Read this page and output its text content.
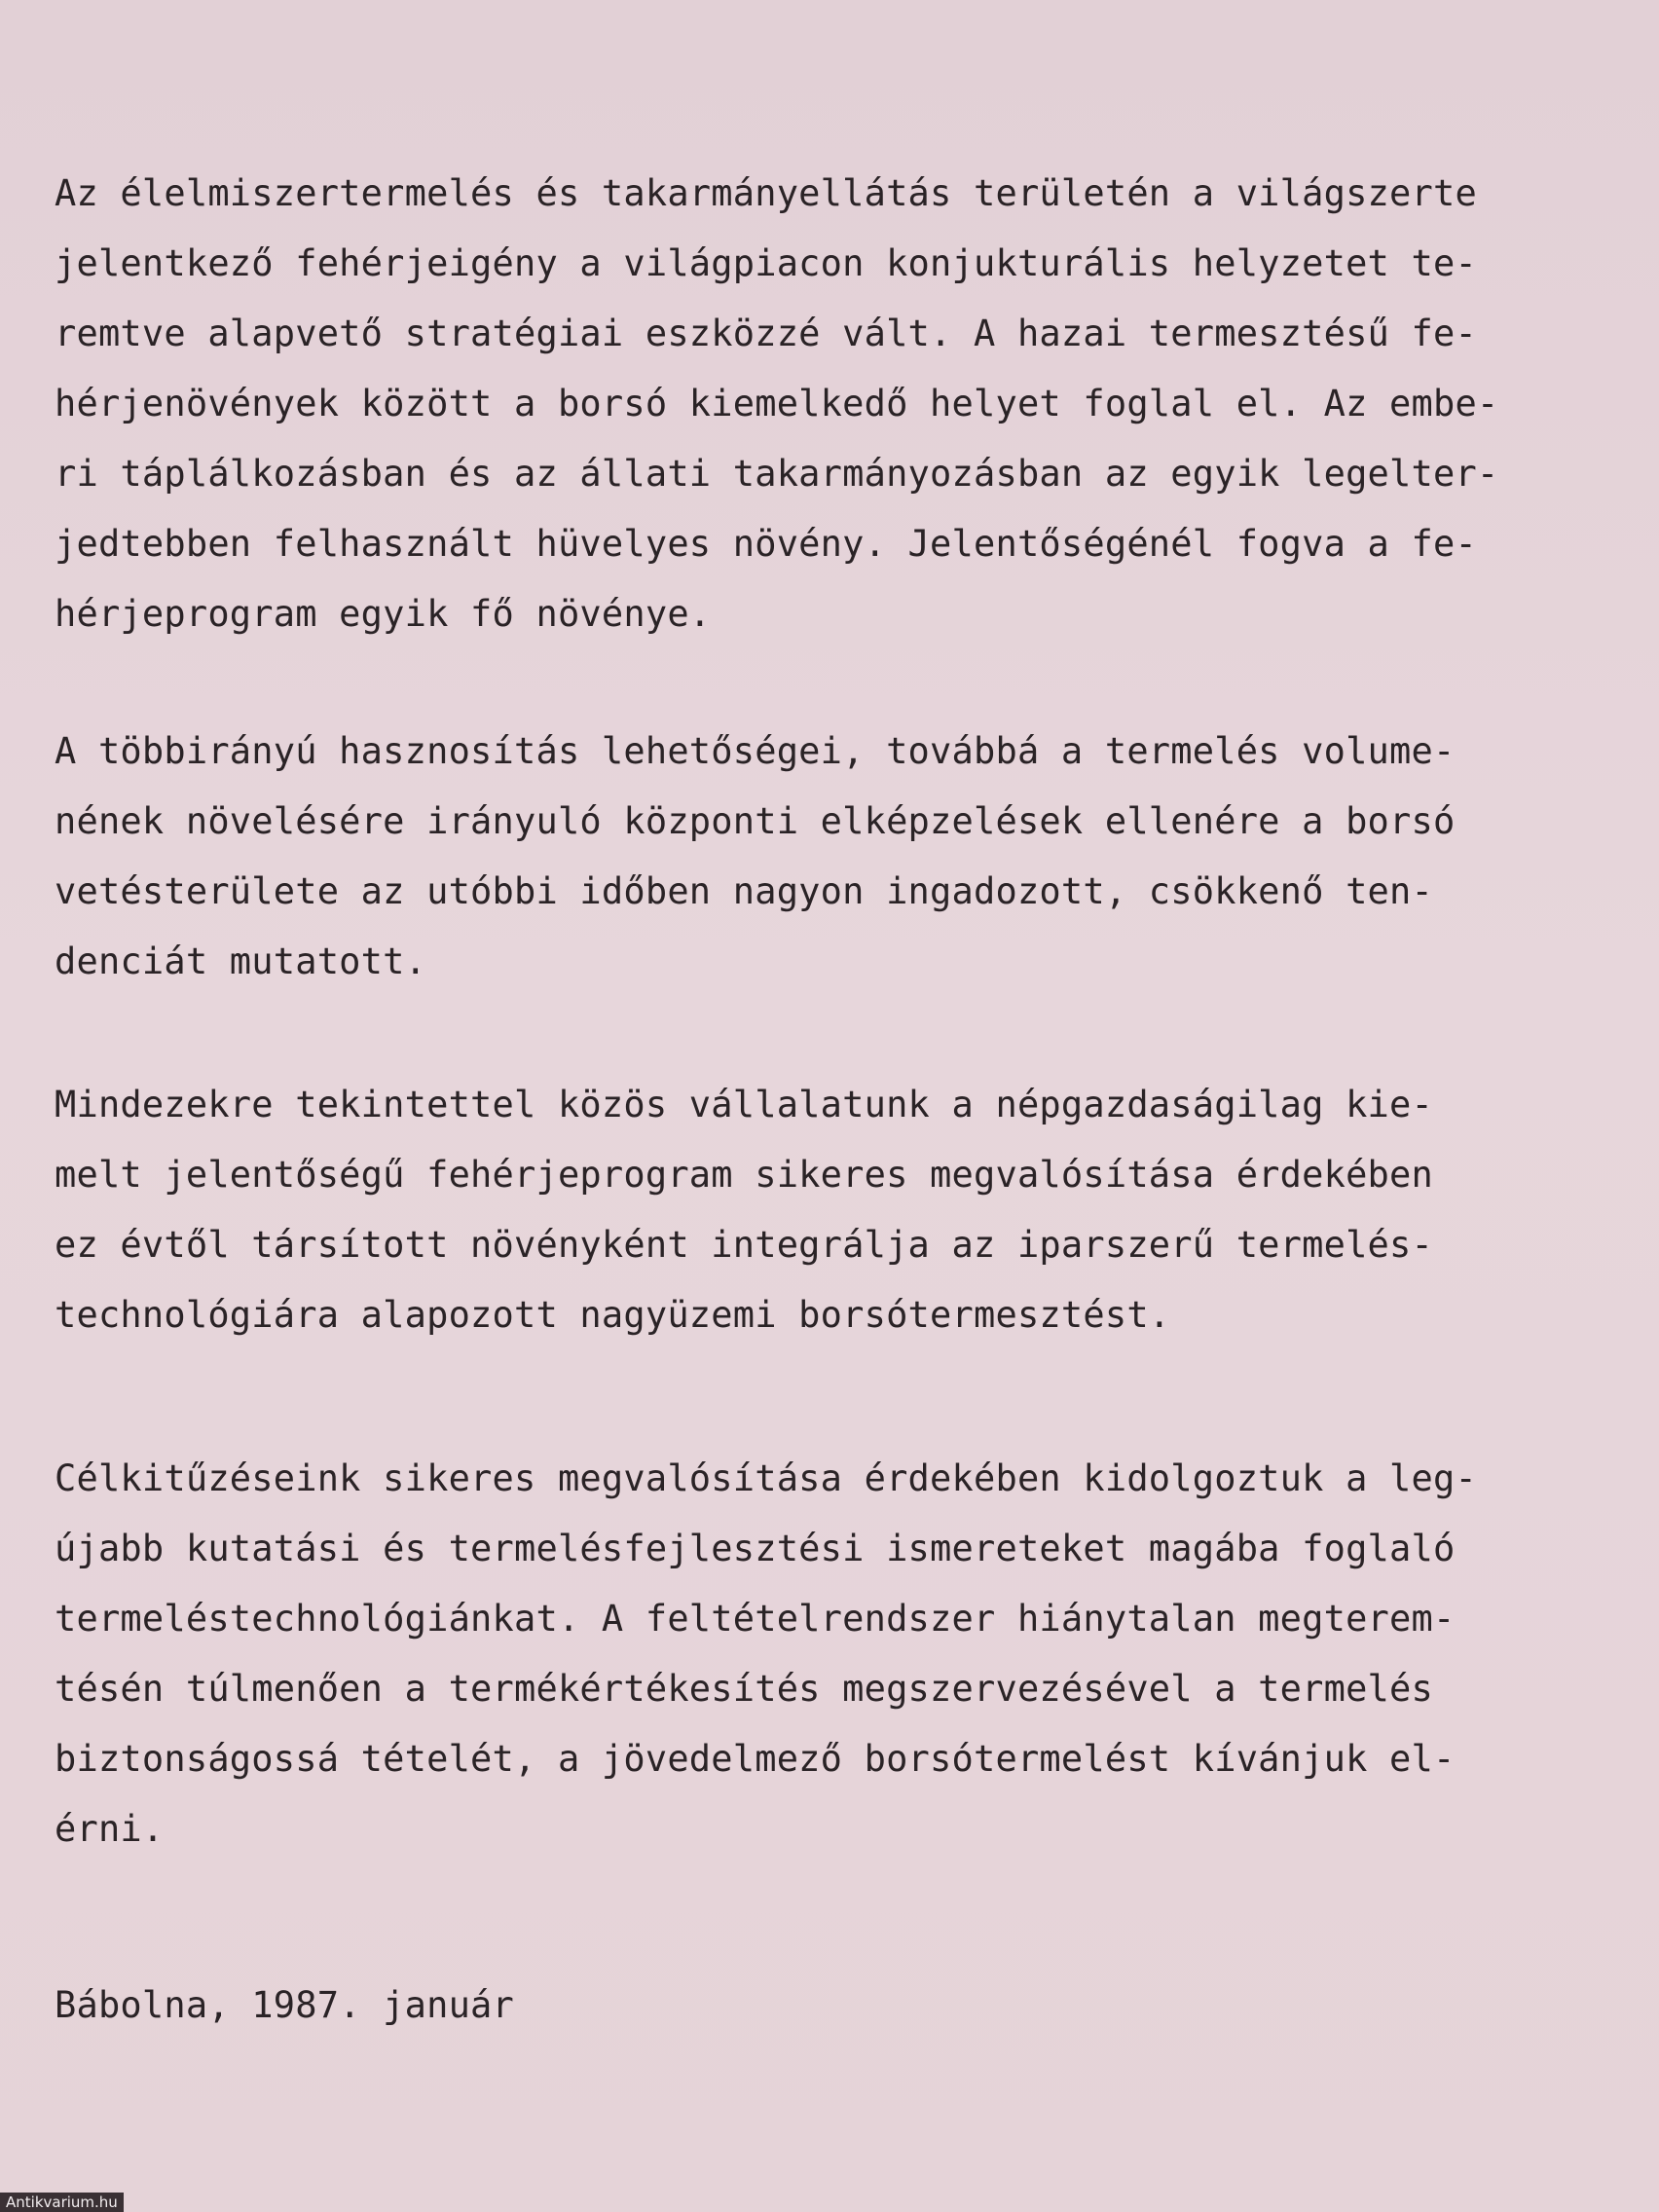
Az élelmiszertermelés és takarmányellátás területén a világszerte
jelentkező fehérjeigény a világpiacon konjukturális helyzetet te-
remtve alapvető stratégiai eszközzé vált. A hazai termesztésű fe-
hérjenövények között a borsó kiemelkedő helyet foglal el. Az embe-
ri táplálkozásban és az állati takarmányozásban az egyik legelter-
jedtebben felhasznált hüvelyes növény. Jelentőségénél fogva a fe-
hérjeprogram egyik fő növénye.
A többirányú hasznosítás lehetőségei, továbbá a termelés volume-
nének növelésére irányuló központi elképzelések ellenére a borsó
vetésterülete az utóbbi időben nagyon ingadozott, csökkenő ten-
denciát mutatott.
Mindezekre tekintettel közös vállalatunk a népgazdaságilag kie-
melt jelentőségű fehérjeprogram sikeres megvalósítása érdekében
ez évtől társított növényként integrálja az iparszerű termelés-
technológiára alapozott nagyüzemi borsótermesztést.
Célkitűzéseink sikeres megvalósítása érdekében kidolgoztuk a leg-
újabb kutatási és termelésfejlesztési ismereteket magába foglaló
termeléstechnológiánkat. A feltételrendszer hiánytalan megterem-
tésén túlmenően a termékértékesítés megszervezésével a termelés
biztonságossá tételét, a jövedelmező borsótermelést kívánjuk el-
érni.
Bábolna, 1987. január
Antikvarium.hu
